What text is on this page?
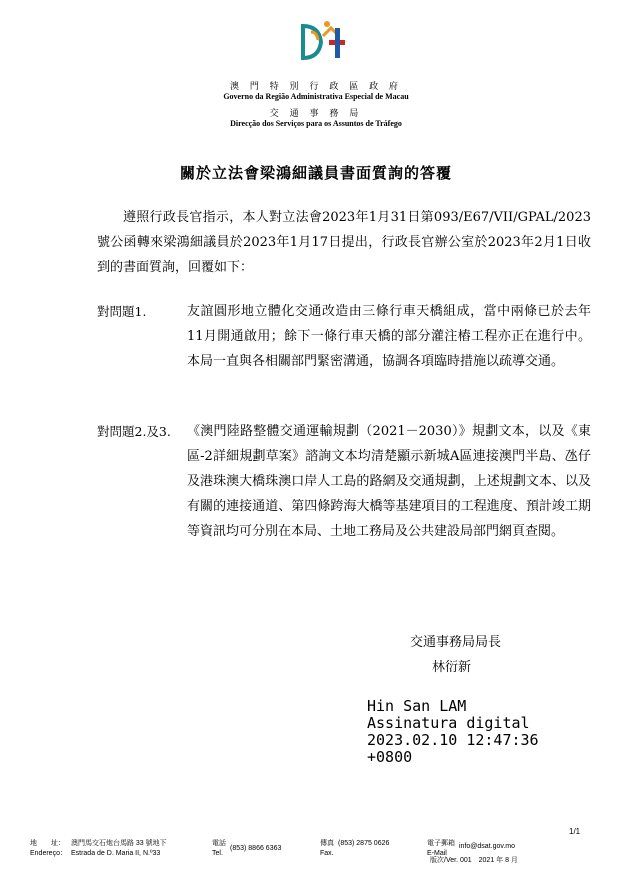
澳 門 特 別 行 政 區 政 府
Governo da Região Administrativa Especial de Macau
交 通 事 務 局
Direcção dos Serviços para os Assuntos de Tráfego
關於立法會梁鴻細議員書面質詢的答覆
遵照行政長官指示，本人對立法會2023年1月31日第093/E67/VII/GPAL/2023號公函轉來梁鴻細議員於2023年1月17日提出，行政長官辦公室於2023年2月1日收到的書面質詢，回覆如下：
對問題1.	友誼圓形地立體化交通改造由三條行車天橋組成，當中兩條已於去年11月開通啟用；餘下一條行車天橋的部分灌注樁工程亦正在進行中。本局一直與各相關部門緊密溝通，協調各項臨時措施以疏導交通。
對問題2.及3. 《澳門陸路整體交通運輸規劃（2021－2030）》規劃文本，以及《東區-2詳細規劃草案》諮詢文本均清楚顯示新城A區連接澳門半島、氹仔及港珠澳大橋珠澳口岸人工島的路網及交通規劃，上述規劃文本、以及有關的連接通道、第四條跨海大橋等基建項目的工程進度、預計竣工期等資訊均可分別在本局、土地工務局及公共建設局部門網頁查閱。
交通事務局局長
林衍新
Hin San LAM
Assinatura digital
2023.02.10 12:47:36
+0800
1/1
地　　址：
Endereço：澳門馬交石炮台馬路 33 號地下
Estrada de D. Maria II, N.º33
電話
Tel.(853) 8866 6363
傳真
Fax.(853) 2875 0626	電子郵箱
E-Mailinfo@dsat.gov.mo
版次/Ver. 001　2021 年 8 月
